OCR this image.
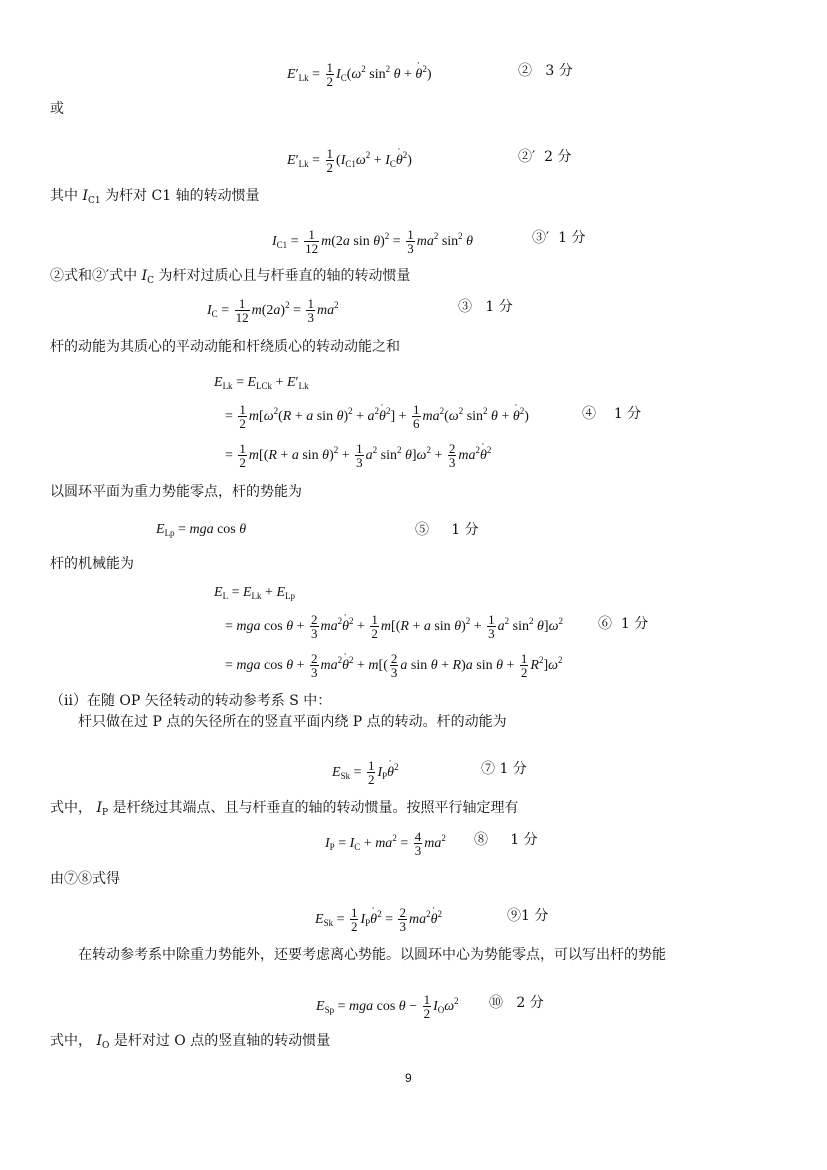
$E'_{Lk} = \frac{1}{2} I_C(\omega^2$ $\sin^2 \theta + \theta$ ˙$^2$)	② 3 分
或
$E'_{Lk} = \frac{1}{2} (I_{C1}\omega^2 + I_C\theta$ ˙$^2$)	②′ 2 分
其中 $I_{C1}$ 为杆对 C1 轴的转动惯量
$I_{C1} = \frac{1}{12} m(2a$ $\sin \theta)^2 = \frac{1}{3} ma^2$ $\sin^2 \theta$	③′ 1 分
②式和②′式中 $I_C$ 为杆对过质心且与杆垂直的轴的转动惯量
$I_C = \frac{1}{12} m(2a)^2 = \frac{1}{3} ma^2$	③ 1 分
杆的动能为其质心的平动动能和杆绕质心的转动动能之和
$E_{Lk} = E_{LCk} + E'_{Lk}$
= $\frac{1}{2} m[\omega^2(R + a$ $\sin \theta)^2 + a^2\theta$ ˙$^2$] + $\frac{1}{6} ma^2(\omega^2$ $\sin^2 \theta + \theta$ ˙$^2$)	④ 1 分
= $\frac{1}{2} m[(R + a$ $\sin \theta)^2 + \frac{1}{3} a^2$ $\sin^2 \theta]\omega^2 + \frac{2}{3} ma^2\theta$ ˙$^2$
以圆环平面为重力势能零点，杆的势能为
$E_{Lp}$ = mga cos θ	⑤ 1 分
杆的机械能为
$E_L = E_{Lk} + E_{Lp}$
= mga $\cos \theta + \frac{2}{3} ma^2\theta$ ˙$^2$ + $\frac{1}{2} m[(R + a$ $\sin \theta)^2 + \frac{1}{3} a^2$ $\sin^2 \theta]\omega^2$	⑥ 1 分
= mga $\cos \theta + \frac{2}{3} ma^2\theta$ ˙$^2$ + $m[( \frac{2}{3}$ a sin θ + R)a $\sin \theta + \frac{1}{2} R^2]\omega^2$
（ii）在随 OP 矢径转动的转动参考系 S 中：
杆只做在过 P 点的矢径所在的竖直平面内绕 P 点的转动。杆的动能为
$E_{Sk} = \frac{1}{2} I_P\theta$ ˙$^2$	⑦ 1 分
式中， $I_P$ 是杆绕过其端点、且与杆垂直的轴的转动惯量。按照平行轴定理有
$I_P = I_C + ma^2 = \frac{4}{3} ma^2$ ⑧ 1 分
由⑦⑧式得
$E_{Sk} = \frac{1}{2} I_P\theta$ ˙$^2$ = $\frac{2}{3} ma^2\theta$ ˙$^2$	⑨1 分
在转动参考系中除重力势能外，还要考虑离心势能。以圆环中心为势能零点，可以写出杆的势能
$E_{Sp}$ = mga $\cos \theta - \frac{1}{2} I_O\omega^2$ ⑩ 2 分
式中， $I_O$ 是杆对过 O 点的竖直轴的转动惯量
9
